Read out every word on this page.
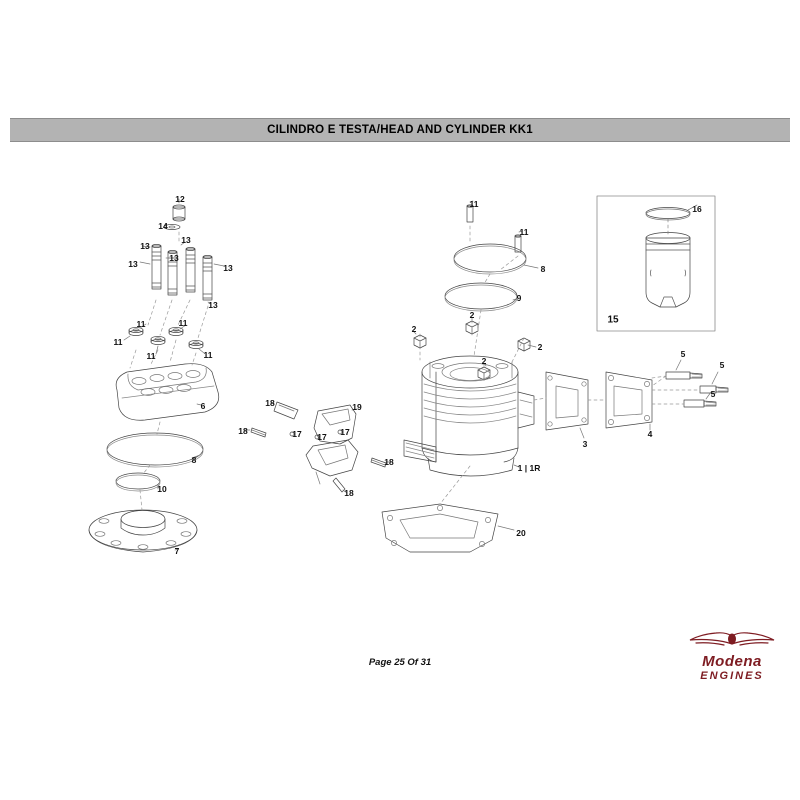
CILINDRO E TESTA/HEAD AND CYLINDER KK1
12
14
13
13
13
13
13
13
11	11
11
11	11
6
8
10
7
18
18	17 17 17
19
18
18
11
11
8
9
2
2
2
2
16
5
5
5
3
4
20
1 | 1R
15
Page 25 Of 31	Modena
ENGINES
